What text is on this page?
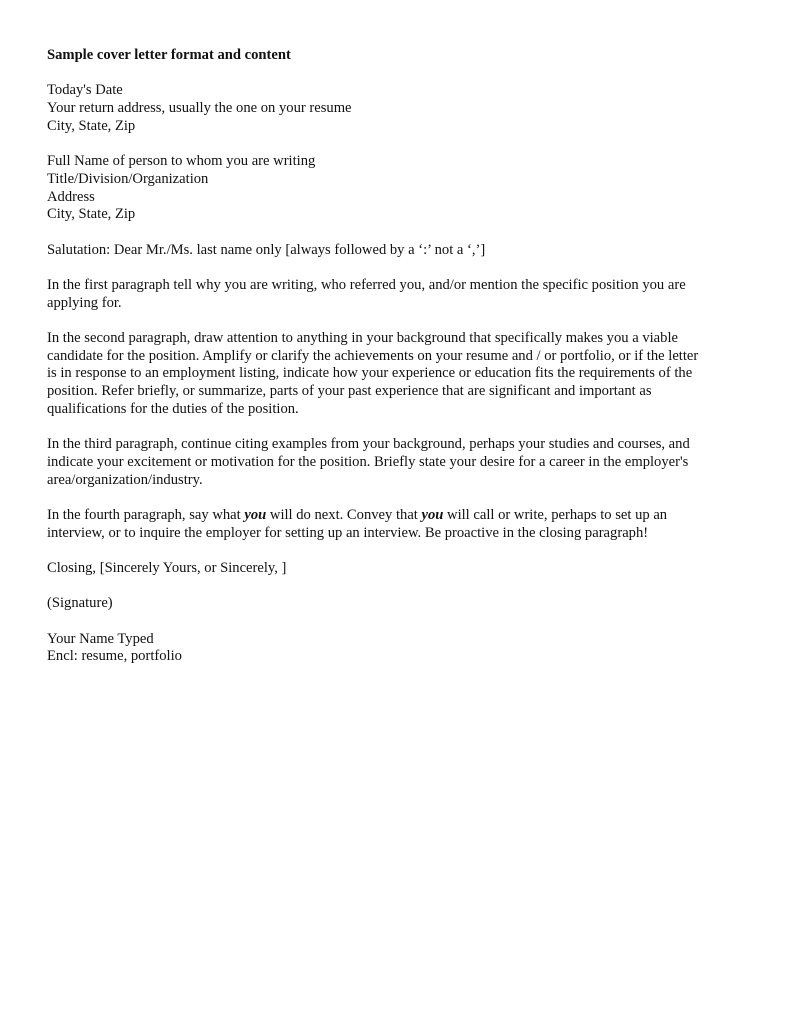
Sample cover letter format and content
Today's Date
Your return address, usually the one on your resume
City, State, Zip
Full Name of person to whom you are writing
Title/Division/Organization
Address
City, State, Zip
Salutation: Dear Mr./Ms. last name only [always followed by a ‘:’ not a ‘,’]
In the first paragraph tell why you are writing, who referred you, and/or mention the specific position you are
applying for.
In the second paragraph, draw attention to anything in your background that specifically makes you a viable
candidate for the position. Amplify or clarify the achievements on your resume and / or portfolio, or if the letter
is in response to an employment listing, indicate how your experience or education fits the requirements of the
position. Refer briefly, or summarize, parts of your past experience that are significant and important as
qualifications for the duties of the position.
In the third paragraph, continue citing examples from your background, perhaps your studies and courses, and
indicate your excitement or motivation for the position. Briefly state your desire for a career in the employer's
area/organization/industry.
In the fourth paragraph, say what you will do next. Convey that you will call or write, perhaps to set up an
interview, or to inquire the employer for setting up an interview. Be proactive in the closing paragraph!
Closing, [Sincerely Yours, or Sincerely, ]
(Signature)
Your Name Typed
Encl: resume, portfolio
